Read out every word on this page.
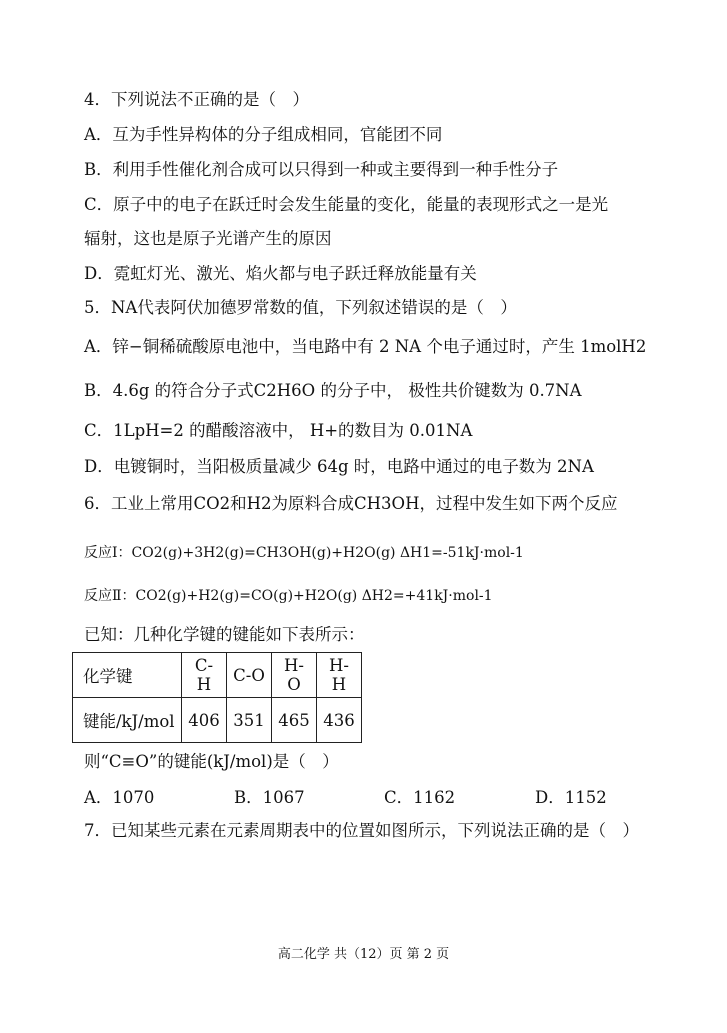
4．下列说法不正确的是（　）
A．互为手性异构体的分子组成相同，官能团不同
B．利用手性催化剂合成可以只得到一种或主要得到一种手性分子
C．原子中的电子在跃迁时会发生能量的变化，能量的表现形式之一是光
辐射，这也是原子光谱产生的原因
D．霓虹灯光、激光、焰火都与电子跃迁释放能量有关
5．NA代表阿伏加德罗常数的值，下列叙述错误的是（　）
A．锌−铜稀硫酸原电池中，当电路中有 2 NA 个电子通过时，产生 1molH2
B．4.6g 的符合分子式C2H6O 的分子中， 极性共价键数为 0.7NA
C．1LpH=2 的醋酸溶液中， H+的数目为 0.01NA
D．电镀铜时，当阳极质量减少 64g 时，电路中通过的电子数为 2NA
6．工业上常用CO2和H2为原料合成CH3OH，过程中发生如下两个反应
反应Ⅰ：CO2(g)+3H2(g)=CH3OH(g)+H2O(g) ΔH1=-51kJ·mol-1
反应Ⅱ：CO2(g)+H2(g)=CO(g)+H2O(g) ΔH2=+41kJ·mol-1
已知：几种化学键的键能如下表所示：
化学键	C-H	C-O	H-O	H-H
键能/kJ/mol	406	351	465	436
则“C≡O”的键能(kJ/mol)是（　）
A．1070	B．1067	C．1162	D．1152
7．已知某些元素在元素周期表中的位置如图所示，下列说法正确的是（　）
高二化学 共（12）页 第 2 页
